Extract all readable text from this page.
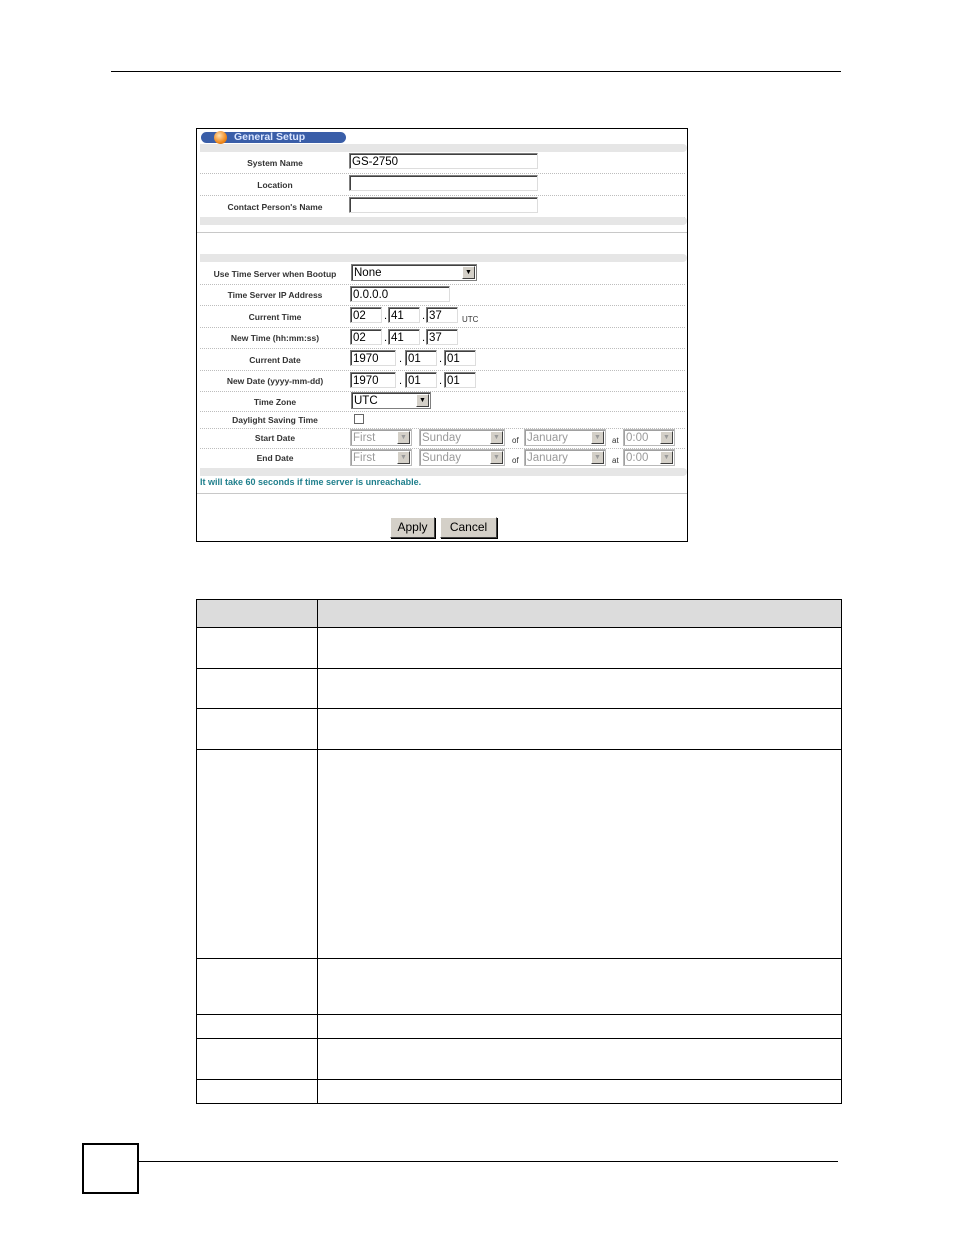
General Setup
System Name	GS-2750
Location
Contact Person's Name
Use Time Server when Bootup	None	▼
Time Server IP Address	0.0.0.0
Current Time	02	. 41	. 37	UTC
New Time (hh:mm:ss)	02	. 41	. 37
Current Date	1970	. 01	. 01
New Date (yyyy-mm-dd)	1970	. 01	. 01
Time Zone	UTC	▼
Daylight Saving Time
Start Date	First	▼ Sunday	▼	of January	▼	at 0:00	▼
End Date	First	▼ Sunday	▼	of January	▼	at 0:00	▼
It will take 60 seconds if time server is unreachable.
Apply	Cancel
